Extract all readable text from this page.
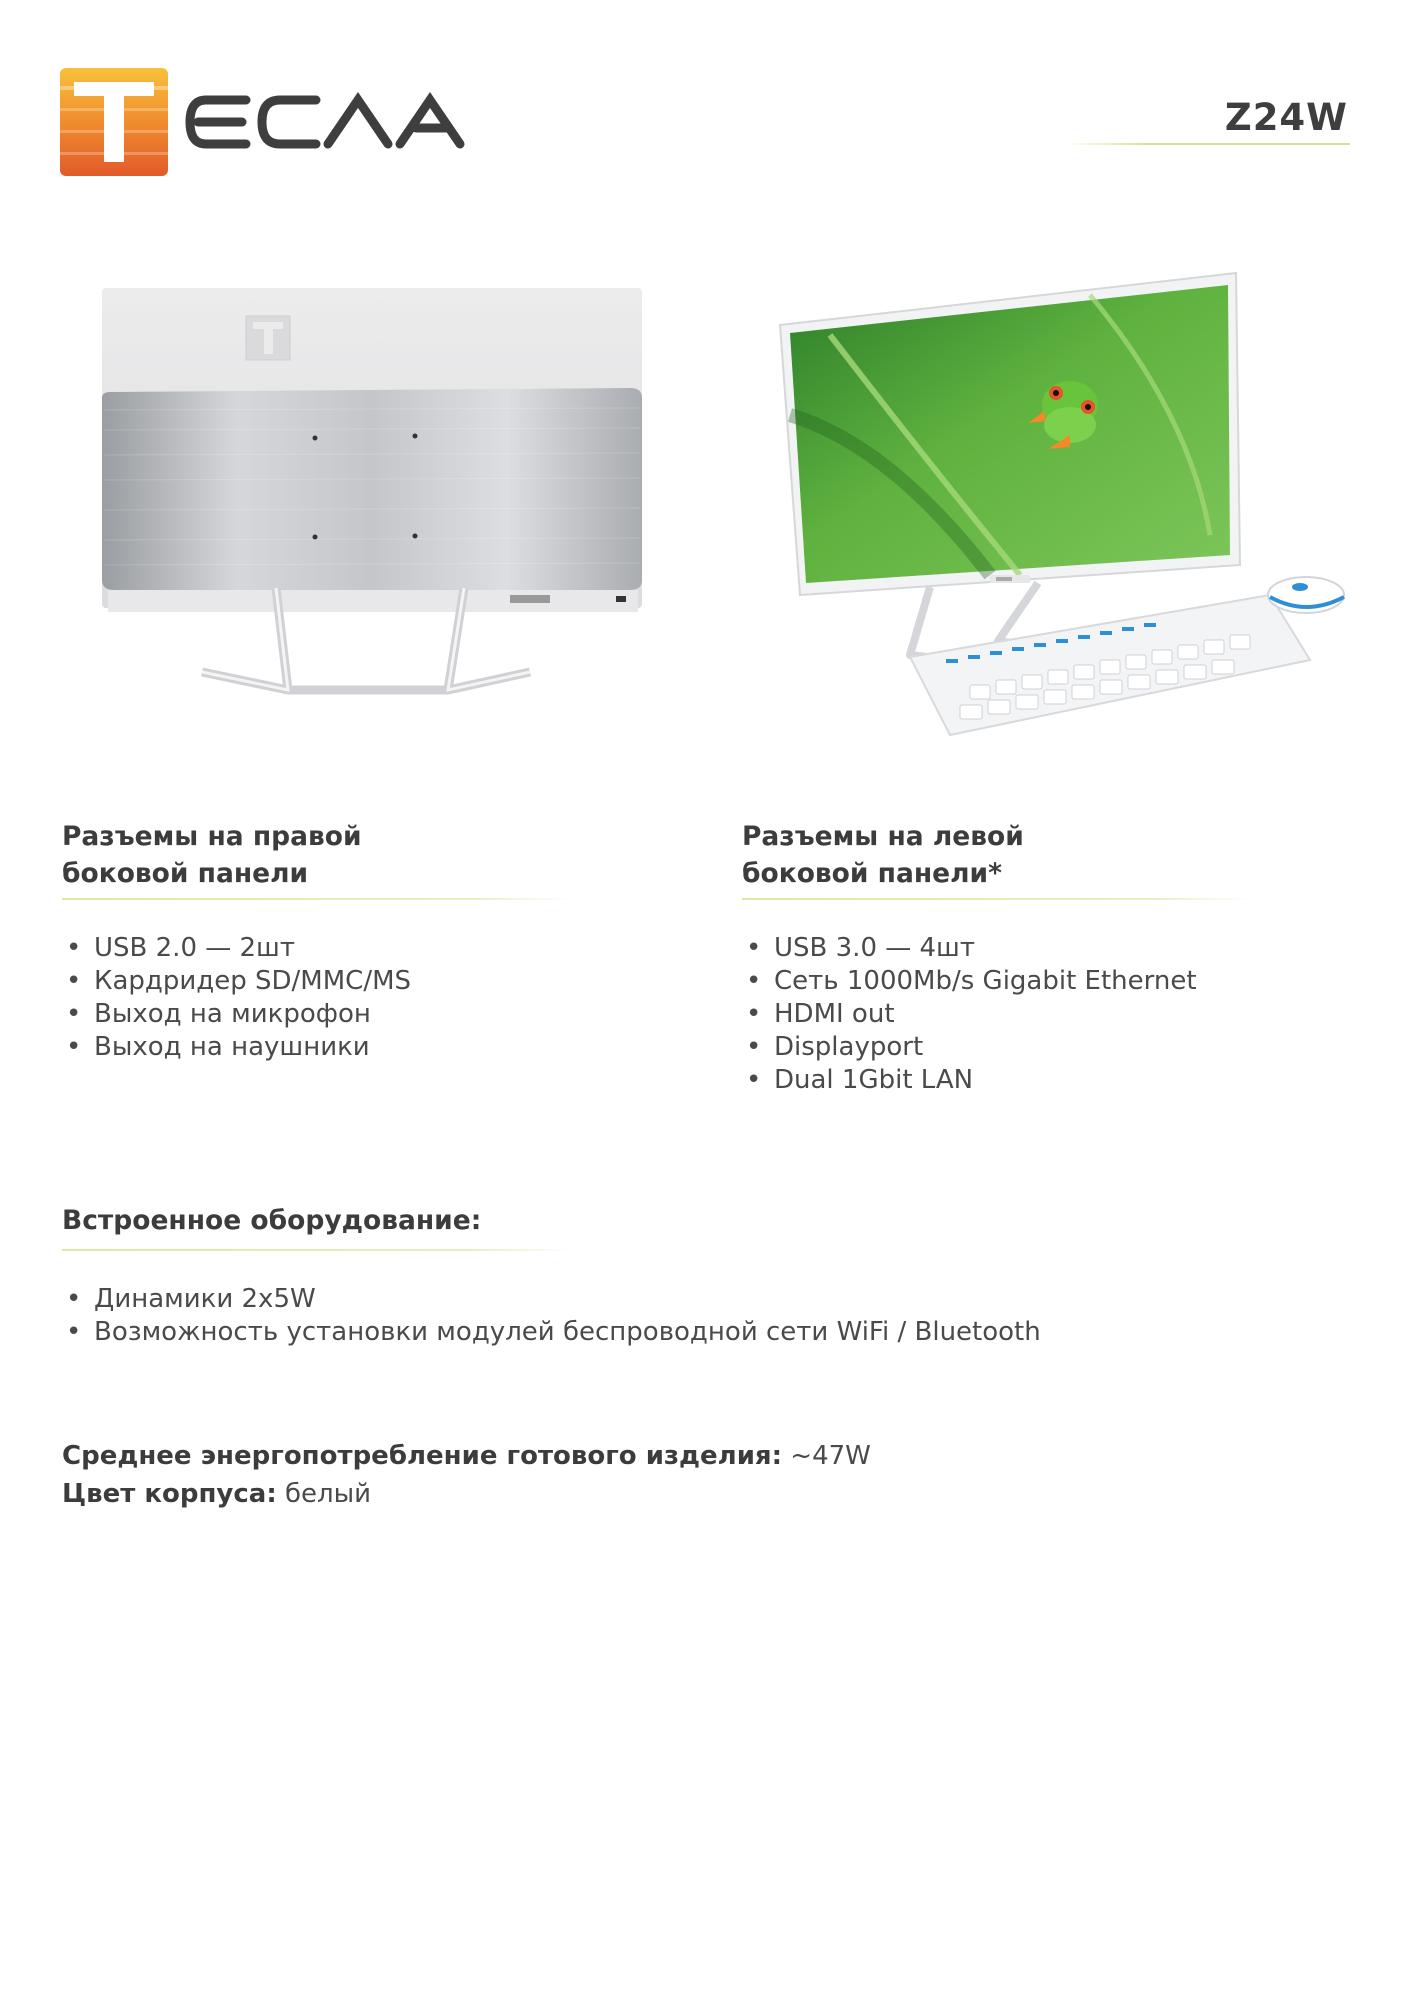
Z24W

Разъемы на правой

боковой панели

• USB 2.0 — 2шт
• Кардридер SD/MMC/MS
• Выход на микрофон
• Выход на наушники

Разъемы на левой

боковой панели*

• USB 3.0 — 4шт
• Сеть 1000Mb/s Gigabit Ethernet
• HDMI out
• Displayport
• Dual 1Gbit LAN

Встроенное оборудование:

• Динамики 2x5W
• Возможность установки модулей беспроводной сети WiFi / Bluetooth
Среднее энергопотребление готового изделия: ~47W
Цвет корпуса: белый
